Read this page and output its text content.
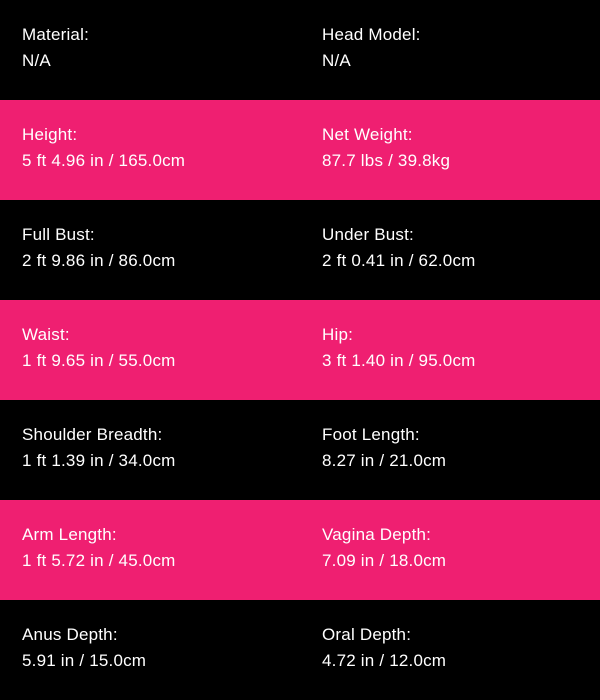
Material:
N/A
Head Model:
N/A
Height:
5 ft 4.96 in / 165.0cm
Net Weight:
87.7 lbs / 39.8kg
Full Bust:
2 ft 9.86 in / 86.0cm
Under Bust:
2 ft 0.41 in / 62.0cm
Waist:
1 ft 9.65 in / 55.0cm
Hip:
3 ft 1.40 in / 95.0cm
Shoulder Breadth:
1 ft 1.39 in / 34.0cm
Foot Length:
8.27 in / 21.0cm
Arm Length:
1 ft 5.72 in / 45.0cm
Vagina Depth:
7.09 in / 18.0cm
Anus Depth:
5.91 in / 15.0cm
Oral Depth:
4.72 in / 12.0cm
